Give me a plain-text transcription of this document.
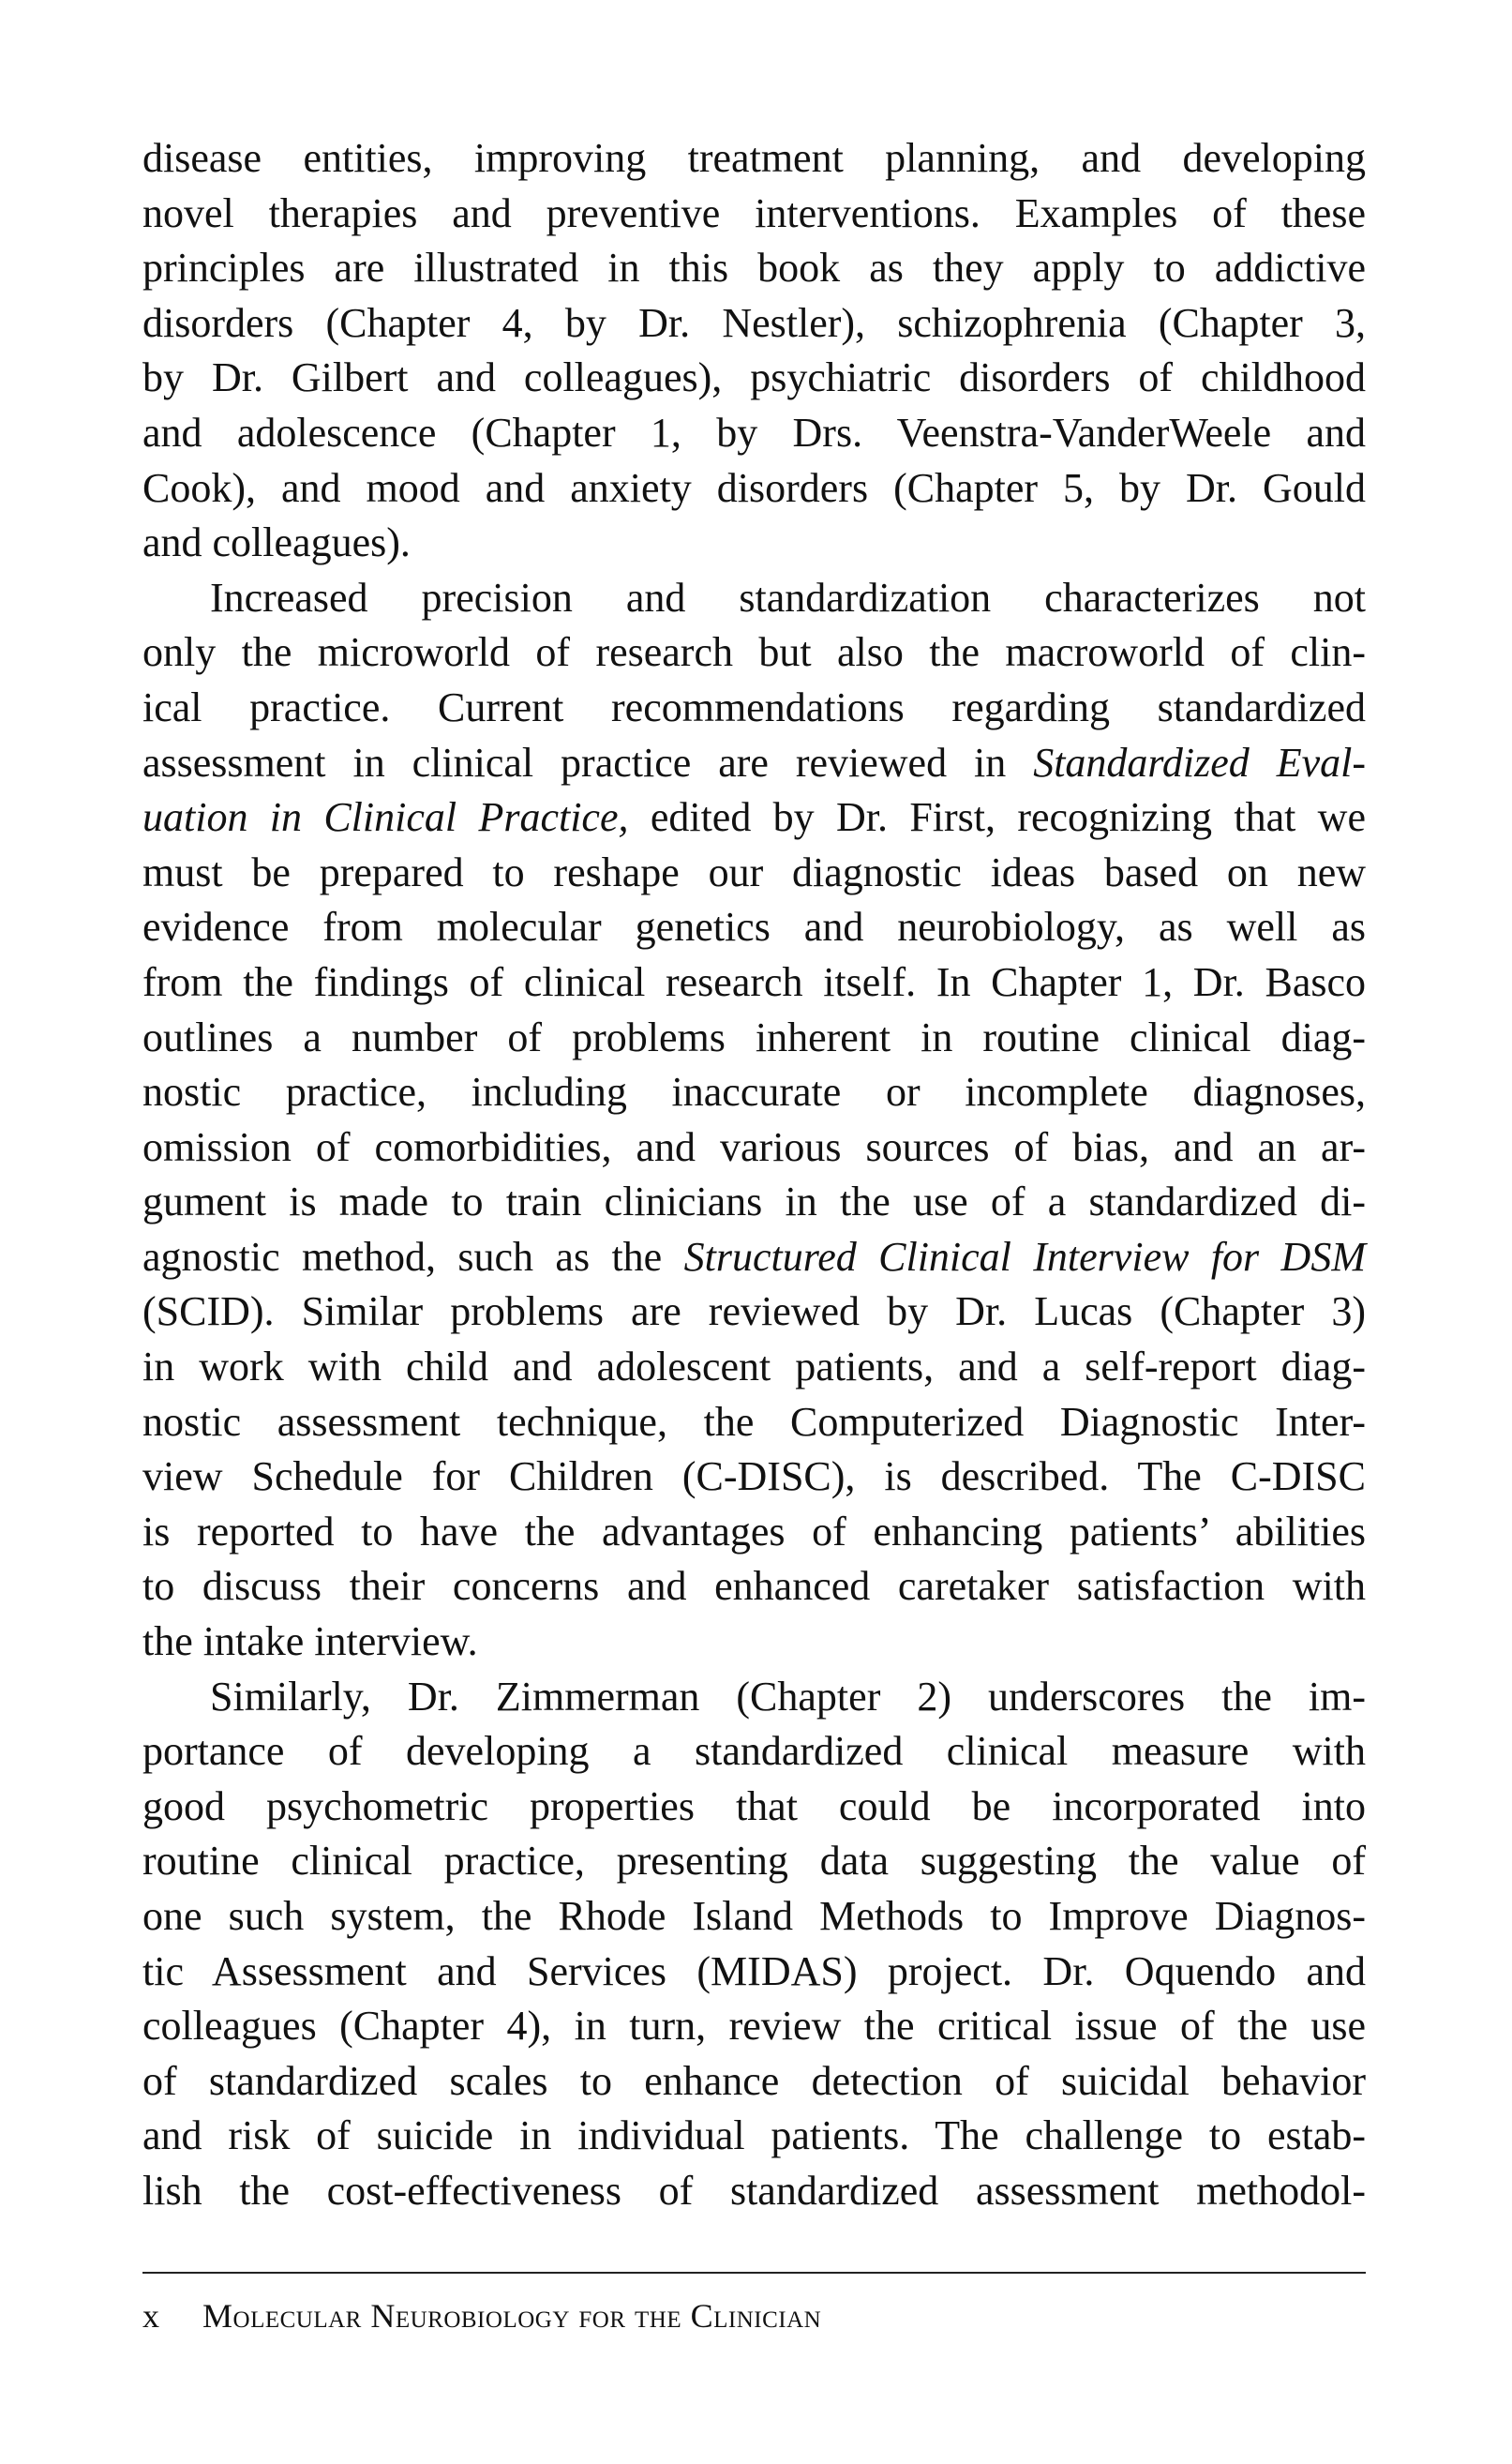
disease entities, improving treatment planning, and developing
novel therapies and preventive interventions. Examples of these
principles are illustrated in this book as they apply to addictive
disorders (Chapter 4, by Dr. Nestler), schizophrenia (Chapter 3,
by Dr. Gilbert and colleagues), psychiatric disorders of childhood
and adolescence (Chapter 1, by Drs. Veenstra-VanderWeele and
Cook), and mood and anxiety disorders (Chapter 5, by Dr. Gould
and colleagues).
Increased precision and standardization characterizes not
only the microworld of research but also the macroworld of clin-
ical practice. Current recommendations regarding standardized
assessment in clinical practice are reviewed in Standardized Eval-
uation in Clinical Practice, edited by Dr. First, recognizing that we
must be prepared to reshape our diagnostic ideas based on new
evidence from molecular genetics and neurobiology, as well as
from the findings of clinical research itself. In Chapter 1, Dr. Basco
outlines a number of problems inherent in routine clinical diag-
nostic practice, including inaccurate or incomplete diagnoses,
omission of comorbidities, and various sources of bias, and an ar-
gument is made to train clinicians in the use of a standardized di-
agnostic method, such as the Structured Clinical Interview for DSM
(SCID). Similar problems are reviewed by Dr. Lucas (Chapter 3)
in work with child and adolescent patients, and a self-report diag-
nostic assessment technique, the Computerized Diagnostic Inter-
view Schedule for Children (C-DISC), is described. The C-DISC
is reported to have the advantages of enhancing patients’ abilities
to discuss their concerns and enhanced caretaker satisfaction with
the intake interview.
Similarly, Dr. Zimmerman (Chapter 2) underscores the im-
portance of developing a standardized clinical measure with
good psychometric properties that could be incorporated into
routine clinical practice, presenting data suggesting the value of
one such system, the Rhode Island Methods to Improve Diagnos-
tic Assessment and Services (MIDAS) project. Dr. Oquendo and
colleagues (Chapter 4), in turn, review the critical issue of the use
of standardized scales to enhance detection of suicidal behavior
and risk of suicide in individual patients. The challenge to estab-
lish the cost-effectiveness of standardized assessment methodol-
x Molecular Neurobiology for the Clinician
